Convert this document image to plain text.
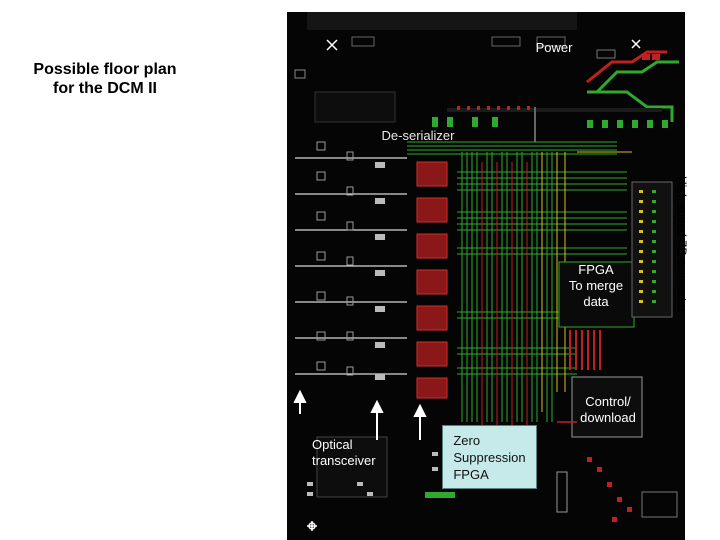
Possible floor plan
for the DCM II
Power
De-serializer
FPGA
To merge
data
Control/
download
Optical
transceiver
Zero
Suppression
FPGA
High speed ZD connector
